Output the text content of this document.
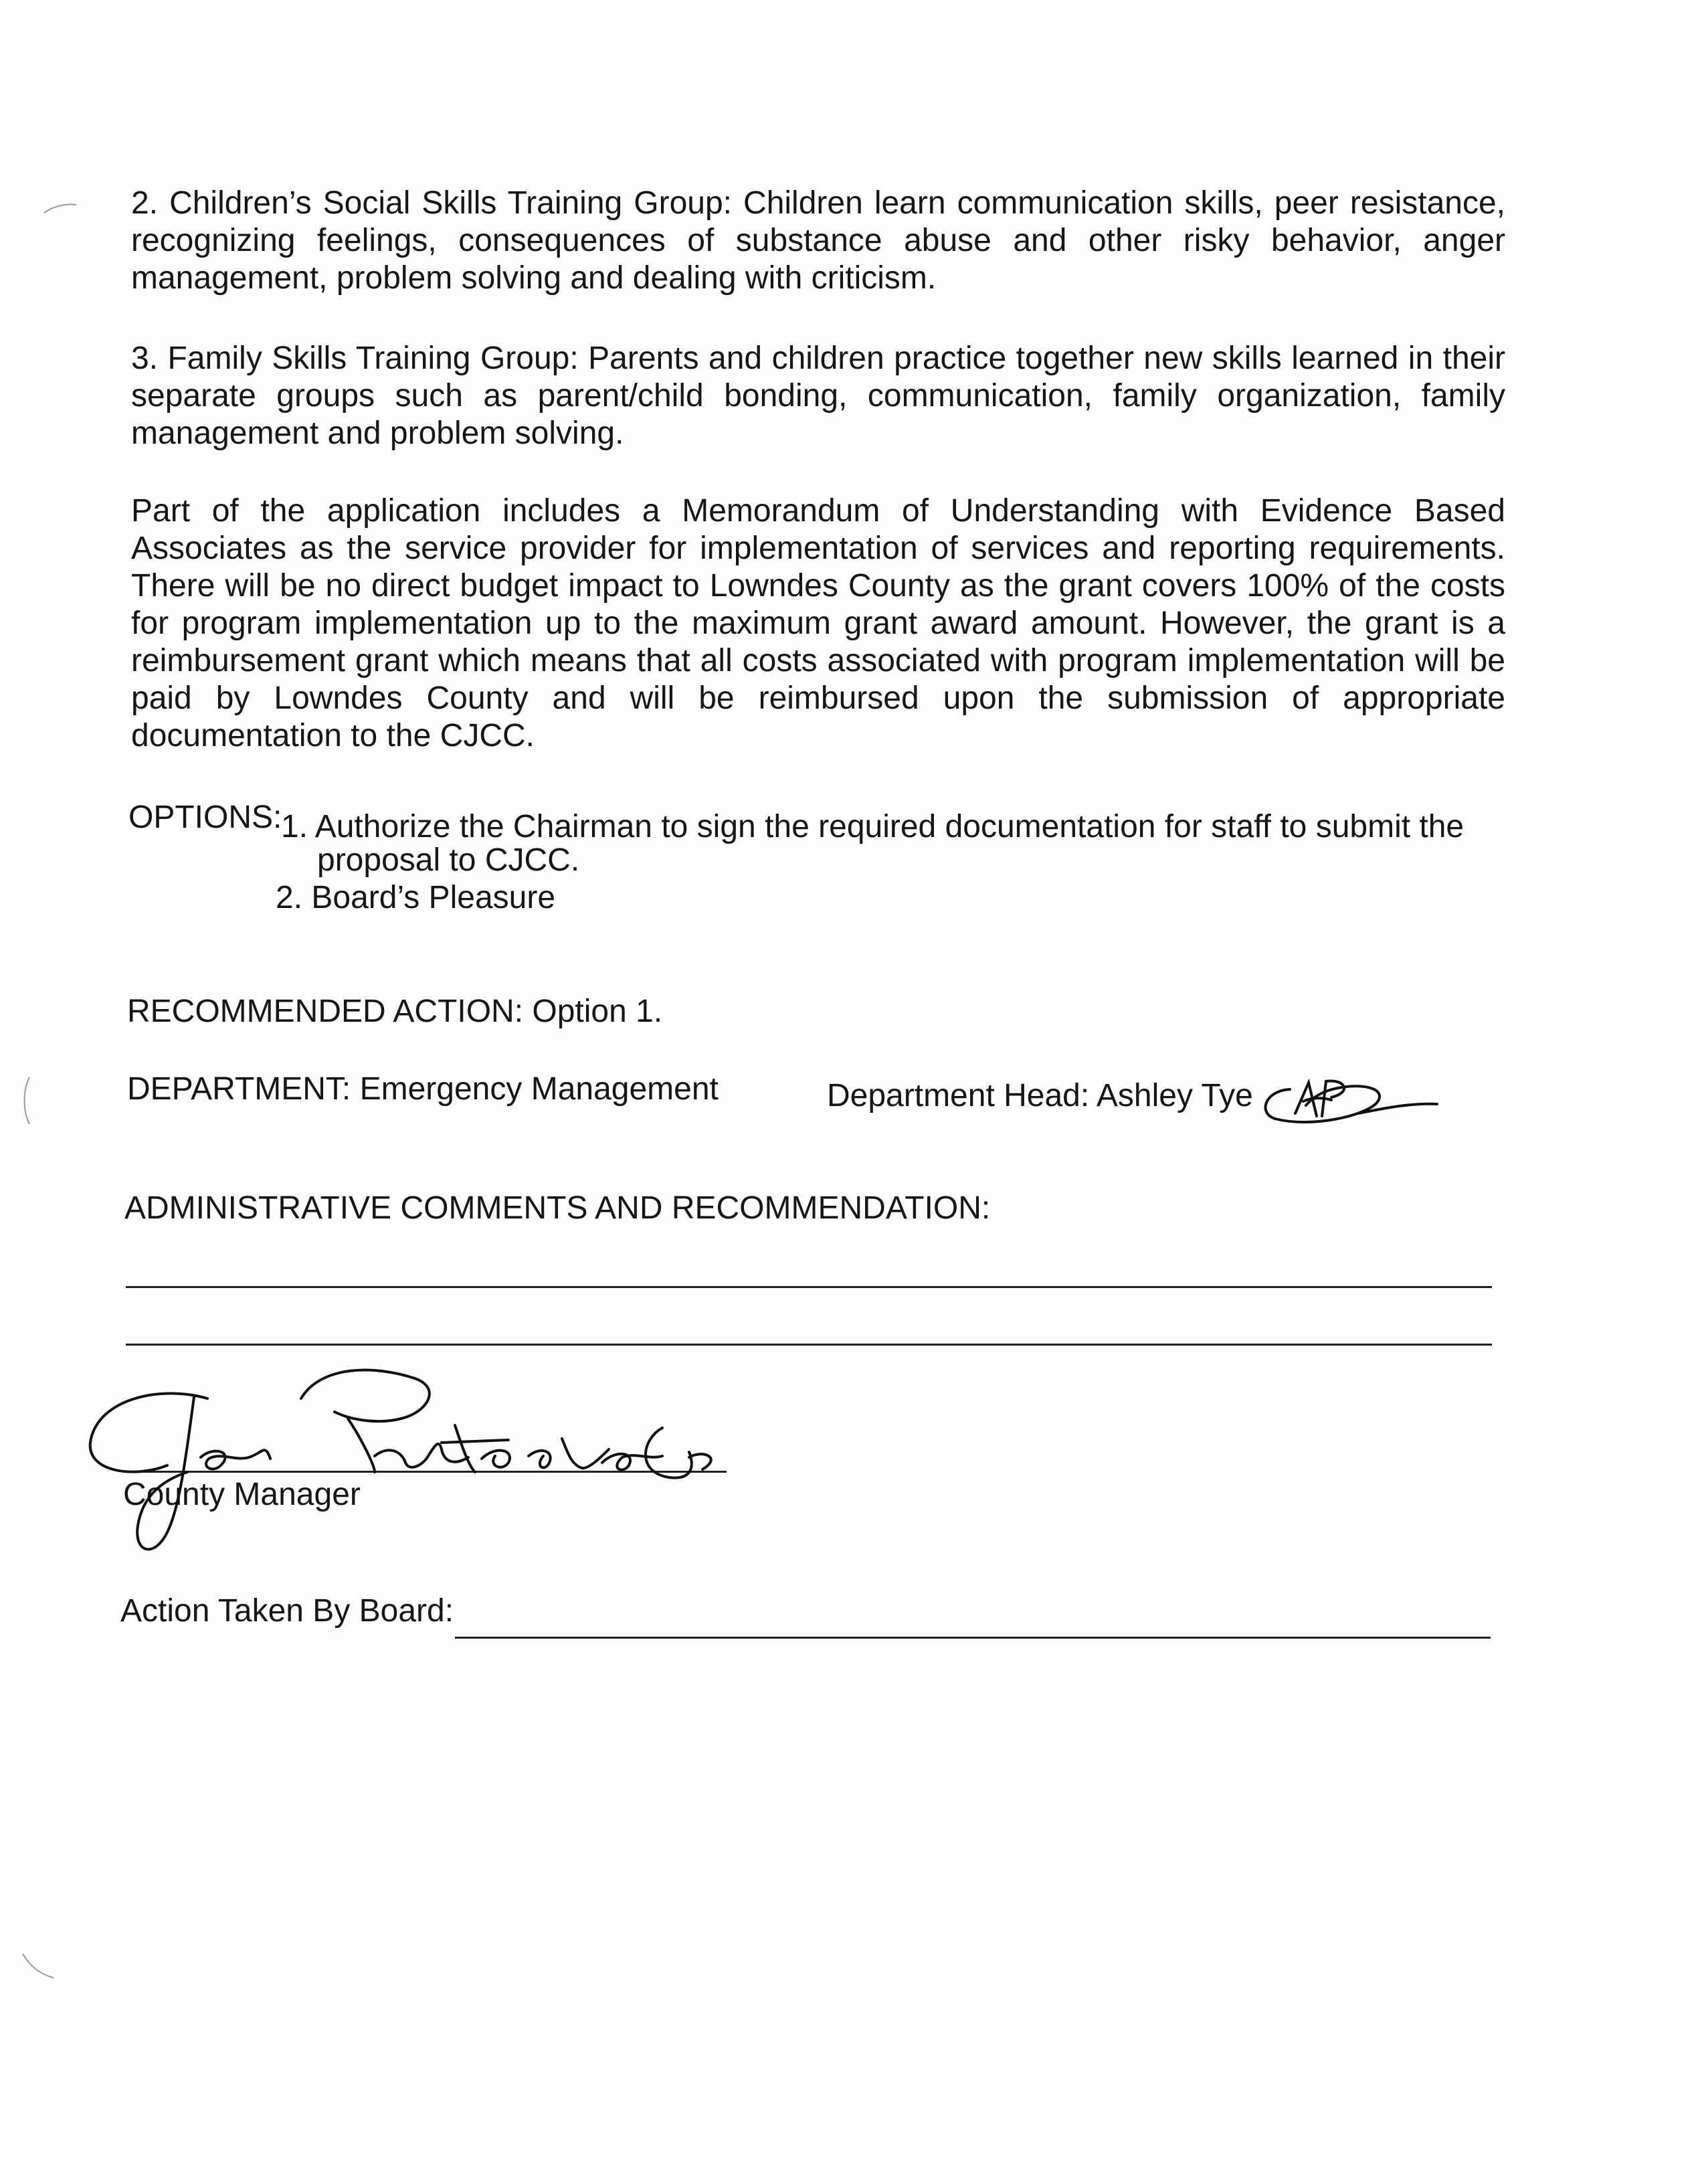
2. Children’s Social Skills Training Group: Children learn communication skills, peer resistance, recognizing feelings, consequences of substance abuse and other risky behavior, anger management, problem solving and dealing with criticism.

3. Family Skills Training Group: Parents and children practice together new skills learned in their separate groups such as parent/child bonding, communication, family organization, family management and problem solving.

Part of the application includes a Memorandum of Understanding with Evidence Based Associates as the service provider for implementation of services and reporting requirements. There will be no direct budget impact to Lowndes County as the grant covers 100% of the costs for program implementation up to the maximum grant award amount. However, the grant is a reimbursement grant which means that all costs associated with program implementation will be paid by Lowndes County and will be reimbursed upon the submission of appropriate documentation to the CJCC.

OPTIONS:
1. Authorize the Chairman to sign the required documentation for staff to submit the
proposal to CJCC.
2. Board’s Pleasure
RECOMMENDED ACTION: Option 1.
DEPARTMENT: Emergency Management	Department Head: Ashley Tye
ADMINISTRATIVE COMMENTS AND RECOMMENDATION:
County Manager
Action Taken By Board:
